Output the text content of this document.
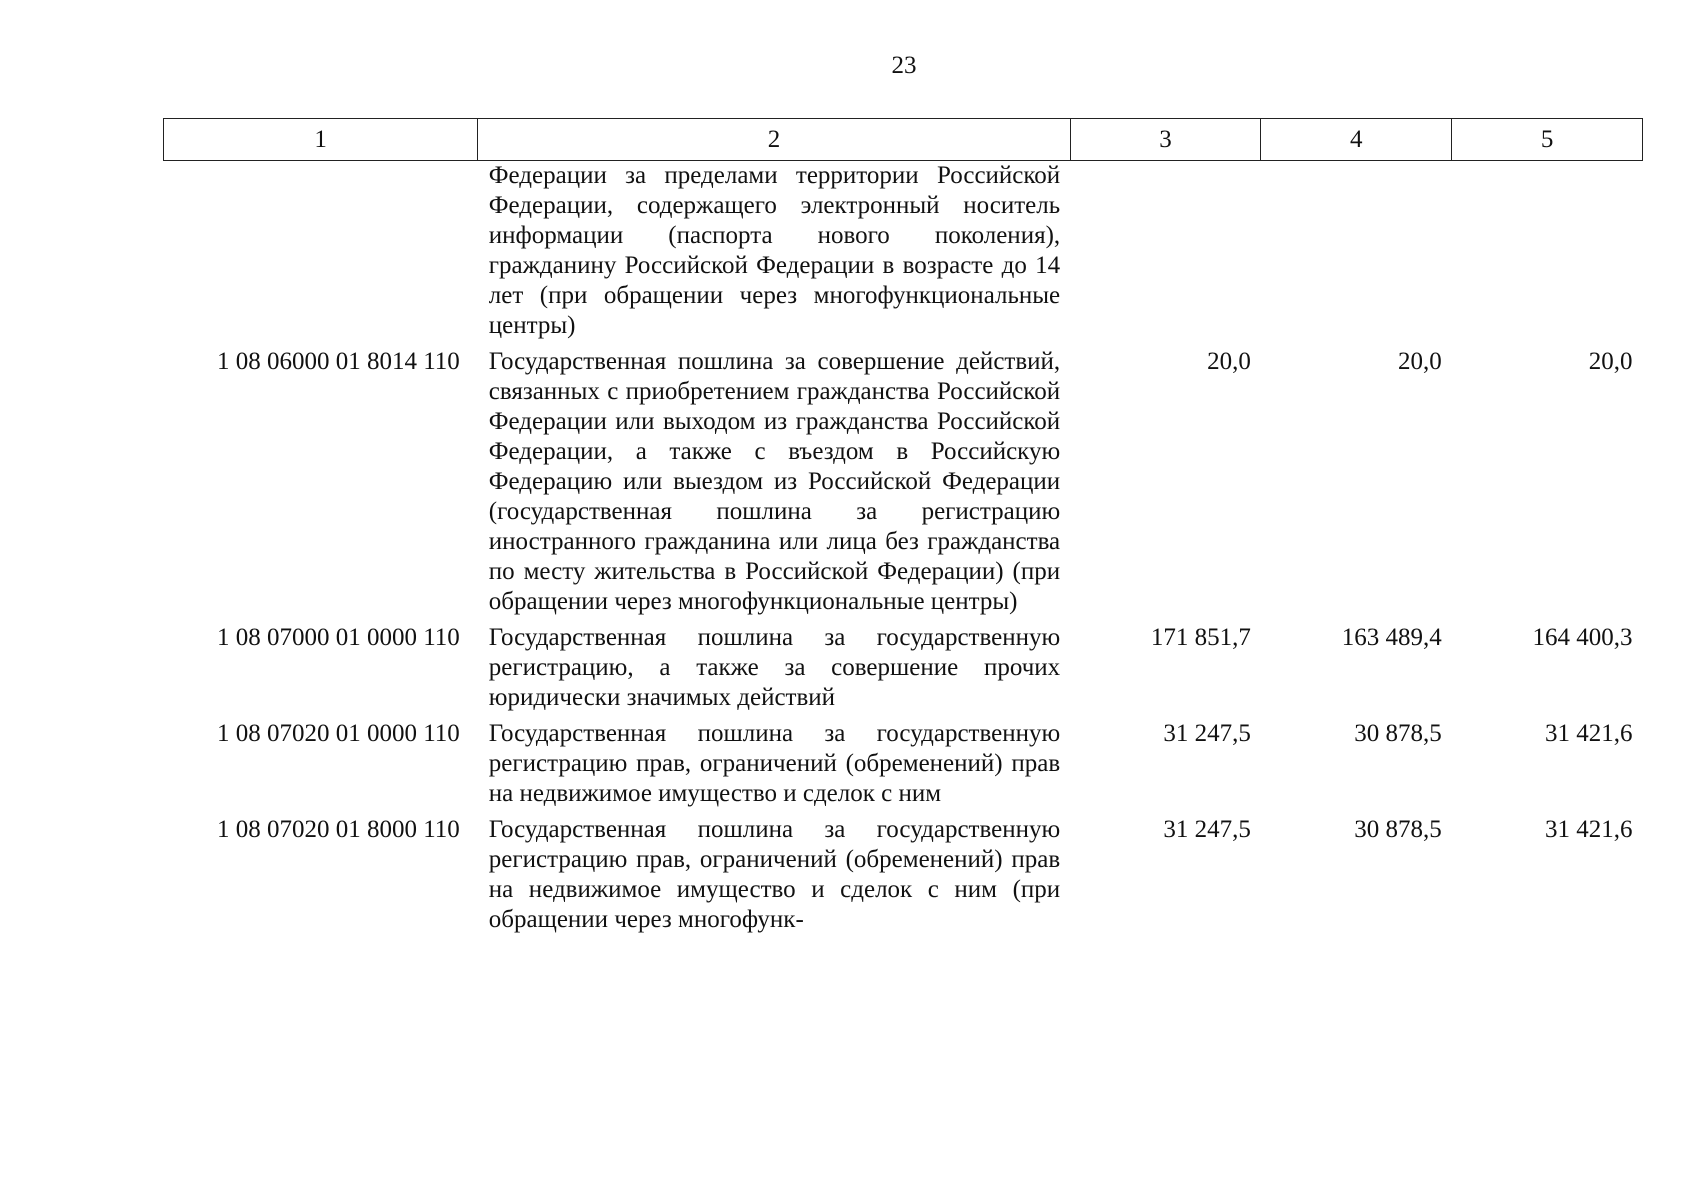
23
1	2	3	4	5
	Федерации за пределами территории Российской Федерации, содержащего электронный носитель информации (паспорта нового поколения), гражданину Российской Федерации в возрасте до 14 лет (при обращении через многофункциональные центры)			
1 08 06000 01 8014 110	Государственная пошлина за совершение действий, связанных с приобретением гражданства Российской Федерации или выходом из гражданства Российской Федерации, а также с въездом в Российскую Федерацию или выездом из Российской Федерации (государственная пошлина за регистрацию иностранного гражданина или лица без гражданства по месту жительства в Российской Федерации) (при обращении через многофункциональные центры)	20,0	20,0	20,0
1 08 07000 01 0000 110	Государственная пошлина за государственную регистрацию, а также за совершение прочих юридически значимых действий	171 851,7	163 489,4	164 400,3
1 08 07020 01 0000 110	Государственная пошлина за государственную регистрацию прав, ограничений (обременений) прав на недвижимое имущество и сделок с ним	31 247,5	30 878,5	31 421,6
1 08 07020 01 8000 110	Государственная пошлина за государственную регистрацию прав, ограничений (обременений) прав на недвижимое имущество и сделок с ним (при обращении через многофунк-	31 247,5	30 878,5	31 421,6
